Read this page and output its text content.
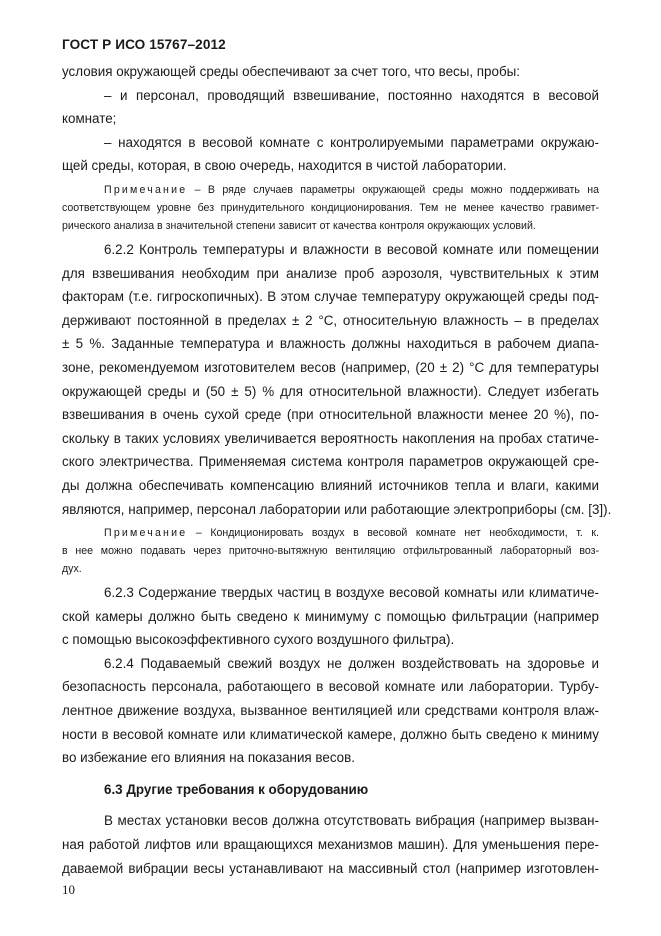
ГОСТ Р ИСО 15767–2012
условия окружающей среды обеспечивают за счет того, что весы, пробы:
– и персонал, проводящий взвешивание, постоянно находятся в весовой
комнате;
– находятся в весовой комнате с контролируемыми параметрами окружаю-
щей среды, которая, в свою очередь, находится в чистой лаборатории.
Примечание – В ряде случаев параметры окружающей среды можно поддерживать на
соответствующем уровне без принудительного кондиционирования. Тем не менее качество гравимет-
рического анализа в значительной степени зависит от качества контроля окружающих условий.
6.2.2 Контроль температуры и влажности в весовой комнате или помещении
для взвешивания необходим при анализе проб аэрозоля, чувствительных к этим
факторам (т.е. гигроскопичных). В этом случае температуру окружающей среды под-
держивают постоянной в пределах ± 2 °С, относительную влажность – в пределах
± 5 %. Заданные температура и влажность должны находиться в рабочем диапа-
зоне, рекомендуемом изготовителем весов (например, (20 ± 2) °С для температуры
окружающей среды и (50 ± 5) % для относительной влажности). Следует избегать
взвешивания в очень сухой среде (при относительной влажности менее 20 %), по-
скольку в таких условиях увеличивается вероятность накопления на пробах статиче-
ского электричества. Применяемая система контроля параметров окружающей сре-
ды должна обеспечивать компенсацию влияний источников тепла и влаги, какими
являются, например, персонал лаборатории или работающие электроприборы (см. [3]).
Примечание – Кондиционировать воздух в весовой комнате нет необходимости, т. к.
в нее можно подавать через приточно-вытяжную вентиляцию отфильтрованный лабораторный воз-
дух.
6.2.3 Содержание твердых частиц в воздухе весовой комнаты или климатиче-
ской камеры должно быть сведено к минимуму с помощью фильтрации (например
с помощью высокоэффективного сухого воздушного фильтра).
6.2.4 Подаваемый свежий воздух не должен воздействовать на здоровье и
безопасность персонала, работающего в весовой комнате или лаборатории. Турбу-
лентное движение воздуха, вызванное вентиляцией или средствами контроля влаж-
ности в весовой комнате или климатической камере, должно быть сведено к миниму
во избежание его влияния на показания весов.
6.3 Другие требования к оборудованию
В местах установки весов должна отсутствовать вибрация (например вызван-
ная работой лифтов или вращающихся механизмов машин). Для уменьшения пере-
даваемой вибрации весы устанавливают на массивный стол (например изготовлен-
10
